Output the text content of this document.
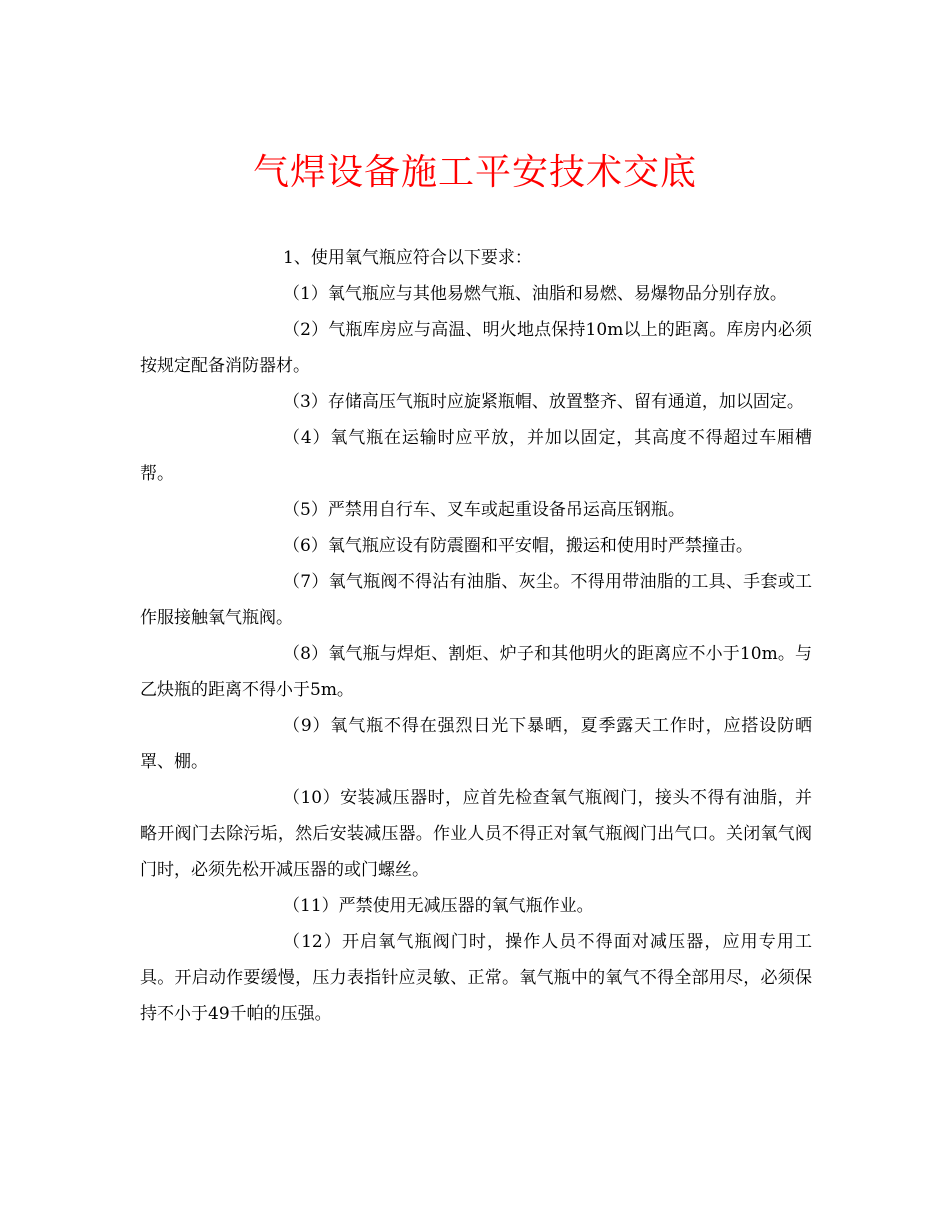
气焊设备施工平安技术交底

1、使用氧气瓶应符合以下要求：

（1）氧气瓶应与其他易燃气瓶、油脂和易燃、易爆物品分别存放。

（2）气瓶库房应与高温、明火地点保持10m以上的距离。库房内必须按规定配备消防器材。

（3）存储高压气瓶时应旋紧瓶帽、放置整齐、留有通道，加以固定。

（4）氧气瓶在运输时应平放，并加以固定，其高度不得超过车厢槽帮。

（5）严禁用自行车、叉车或起重设备吊运高压钢瓶。

（6）氧气瓶应设有防震圈和平安帽，搬运和使用时严禁撞击。

（7）氧气瓶阀不得沾有油脂、灰尘。不得用带油脂的工具、手套或工作服接触氧气瓶阀。

（8）氧气瓶与焊炬、割炬、炉子和其他明火的距离应不小于10m。与乙炔瓶的距离不得小于5m。

（9）氧气瓶不得在强烈日光下暴晒，夏季露天工作时，应搭设防晒罩、棚。

（10）安装减压器时，应首先检查氧气瓶阀门，接头不得有油脂，并略开阀门去除污垢，然后安装减压器。作业人员不得正对氧气瓶阀门出气口。关闭氧气阀门时，必须先松开减压器的或门螺丝。

（11）严禁使用无减压器的氧气瓶作业。

（12）开启氧气瓶阀门时，操作人员不得面对减压器，应用专用工具。开启动作要缓慢，压力表指针应灵敏、正常。氧气瓶中的氧气不得全部用尽，必须保持不小于49千帕的压强。
